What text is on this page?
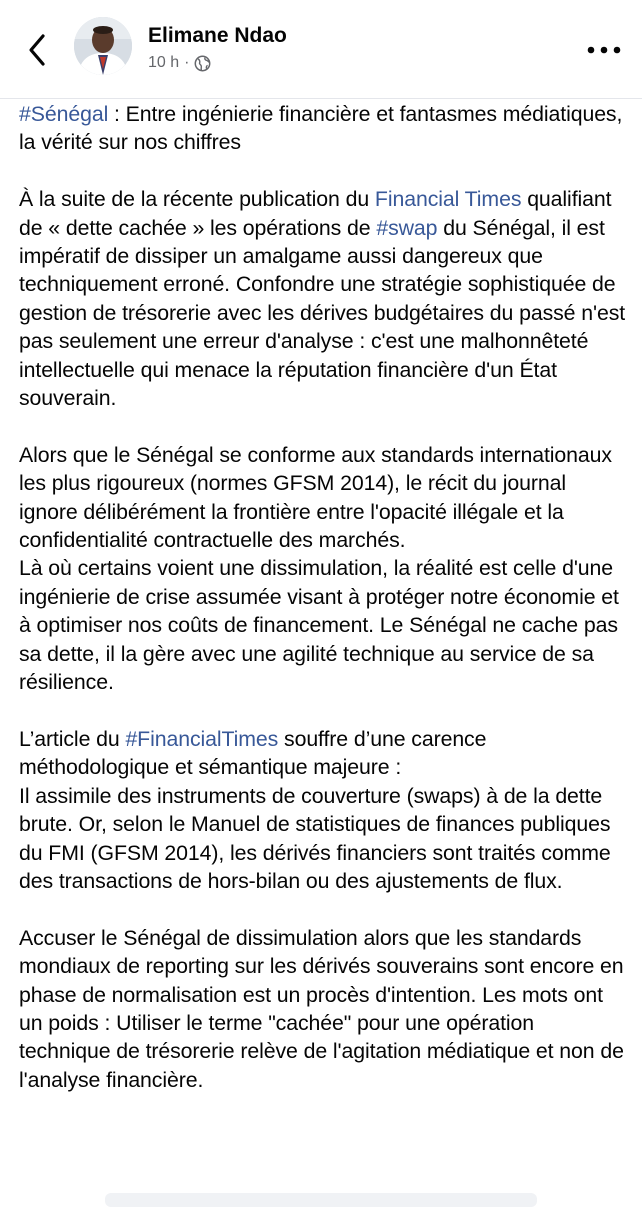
Elimane Ndao
10 h ·

#Sénégal : Entre ingénierie financière et fantasmes médiatiques, la vérité sur nos chiffres

À la suite de la récente publication du Financial Times qualifiant de « dette cachée » les opérations de #swap du Sénégal, il est impératif de dissiper un amalgame aussi dangereux que techniquement erroné. Confondre une stratégie sophistiquée de gestion de trésorerie avec les dérives budgétaires du passé n'est pas seulement une erreur d'analyse : c'est une malhonnêteté intellectuelle qui menace la réputation financière d'un État souverain.

Alors que le Sénégal se conforme aux standards internationaux les plus rigoureux (normes GFSM 2014), le récit du journal ignore délibérément la frontière entre l'opacité illégale et la confidentialité contractuelle des marchés.

Là où certains voient une dissimulation, la réalité est celle d'une ingénierie de crise assumée visant à protéger notre économie et à optimiser nos coûts de financement. Le Sénégal ne cache pas sa dette, il la gère avec une agilité technique au service de sa résilience.

L’article du #FinancialTimes souffre d’une carence méthodologique et sémantique majeure :

Il assimile des instruments de couverture (swaps) à de la dette brute. Or, selon le Manuel de statistiques de finances publiques du FMI (GFSM 2014), les dérivés financiers sont traités comme des transactions de hors-bilan ou des ajustements de flux.

Accuser le Sénégal de dissimulation alors que les standards mondiaux de reporting sur les dérivés souverains sont encore en phase de normalisation est un procès d'intention. Les mots ont un poids : Utiliser le terme "cachée" pour une opération technique de trésorerie relève de l'agitation médiatique et non de l'analyse financière.
